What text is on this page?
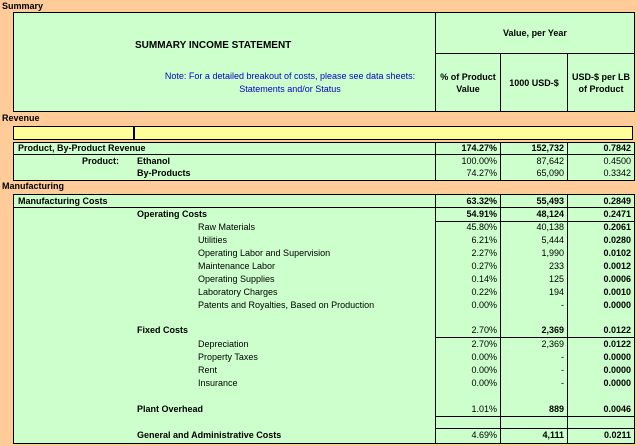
Summary
Revenue
Manufacturing
SUMMARY INCOME STATEMENT
Note: For a detailed breakout of costs, please see data sheets:
Statements and/or Status
Value, per Year
% of Product Value
1000 USD-$
USD-$ per LB of Product
Product, By-Product Revenue	174.27%	152,732	0.7842
Product: Ethanol	100.00%	87,642	0.4500
By-Products	74.27%	65,090	0.3342
Manufacturing Costs	63.32%	55,493	0.2849
Operating Costs	54.91%	48,124	0.2471
Raw Materials	45.80%	40,138	0.2061
Utilities	6.21%	5,444	0.0280
Operating Labor and Supervision	2.27%	1,990	0.0102
Maintenance Labor	0.27%	233	0.0012
Operating Supplies	0.14%	125	0.0006
Laboratory Charges	0.22%	194	0.0010
Patents and Royalties, Based on Production	0.00%	-	0.0000
Fixed Costs	2.70%	2,369	0.0122
Depreciation	2.70%	2,369	0.0122
Property Taxes	0.00%	-	0.0000
Rent	0.00%	-	0.0000
Insurance	0.00%	-	0.0000
Plant Overhead	1.01%	889	0.0046
General and Administrative Costs	4.69%	4,111	0.0211
